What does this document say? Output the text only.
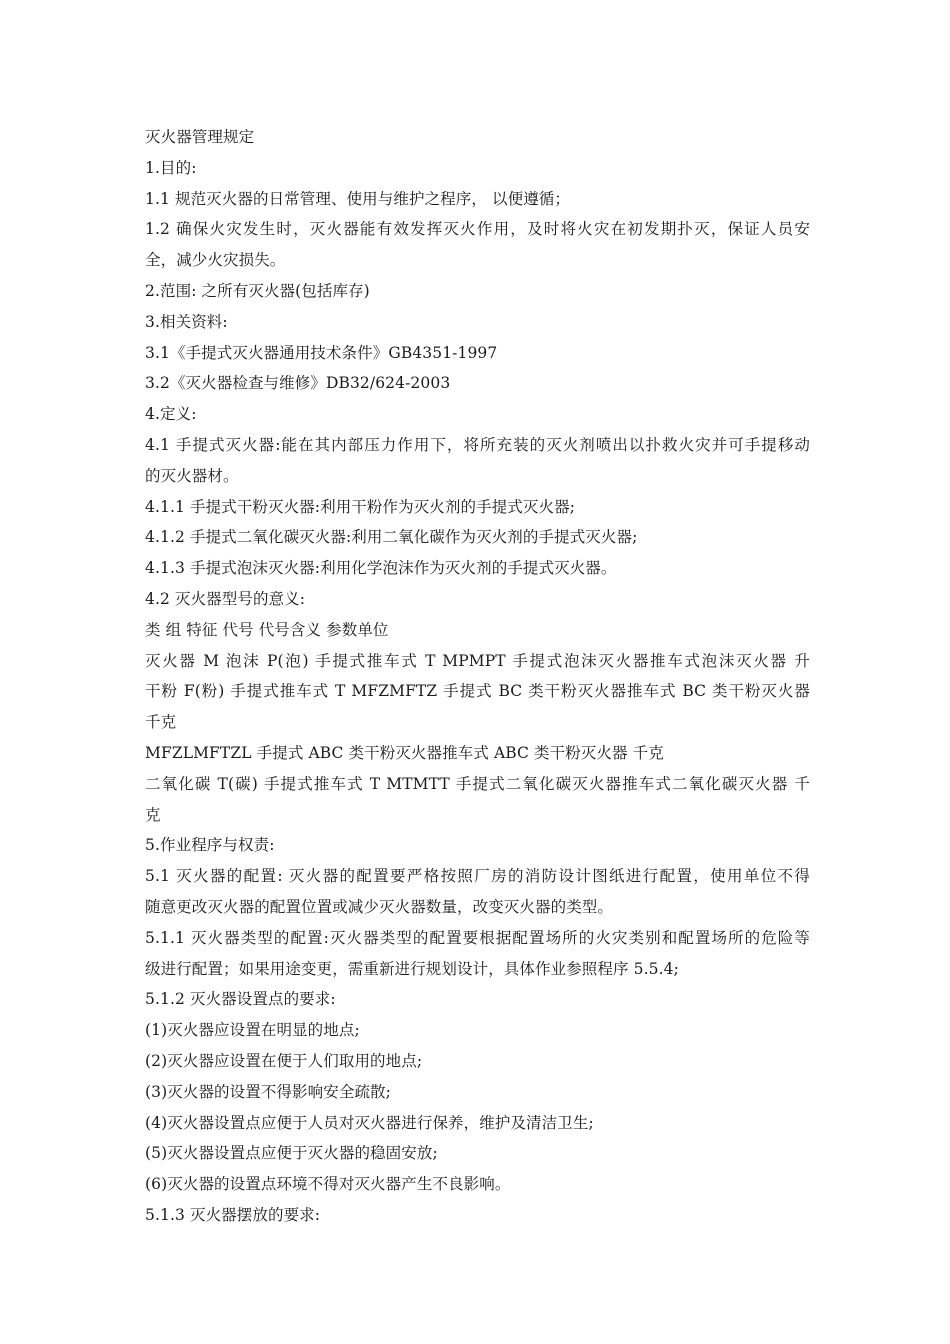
灭火器管理规定
1.目的:
1.1 规范灭火器的日常管理、使用与维护之程序， 以便遵循；
1.2 确保火灾发生时，灭火器能有效发挥灭火作用，及时将火灾在初发期扑灭，保证人员安
全，减少火灾损失。
2.范围: 之所有灭火器(包括库存)
3.相关资料:
3.1《手提式灭火器通用技术条件》GB4351-1997
3.2《灭火器检查与维修》DB32/624-2003
4.定义:
4.1 手提式灭火器:能在其内部压力作用下，将所充装的灭火剂喷出以扑救火灾并可手提移动
的灭火器材。
4.1.1 手提式干粉灭火器:利用干粉作为灭火剂的手提式灭火器;
4.1.2 手提式二氧化碳灭火器:利用二氧化碳作为灭火剂的手提式灭火器;
4.1.3 手提式泡沫灭火器:利用化学泡沫作为灭火剂的手提式灭火器。
4.2 灭火器型号的意义:
类 组 特征 代号 代号含义 参数单位
灭火器 M 泡沫 P(泡) 手提式推车式 T MPMPT 手提式泡沫灭火器推车式泡沫灭火器 升
干粉 F(粉) 手提式推车式 T MFZMFTZ 手提式 BC 类干粉灭火器推车式 BC 类干粉灭火器
千克
MFZLMFTZL 手提式 ABC 类干粉灭火器推车式 ABC 类干粉灭火器 千克
二氧化碳 T(碳) 手提式推车式 T MTMTT 手提式二氧化碳灭火器推车式二氧化碳灭火器 千
克
5.作业程序与权责:
5.1 灭火器的配置: 灭火器的配置要严格按照厂房的消防设计图纸进行配置，使用单位不得
随意更改灭火器的配置位置或减少灭火器数量，改变灭火器的类型。
5.1.1 灭火器类型的配置:灭火器类型的配置要根据配置场所的火灾类别和配置场所的危险等
级进行配置；如果用途变更，需重新进行规划设计，具体作业参照程序 5.5.4;
5.1.2 灭火器设置点的要求:
(1)灭火器应设置在明显的地点;
(2)灭火器应设置在便于人们取用的地点;
(3)灭火器的设置不得影响安全疏散;
(4)灭火器设置点应便于人员对灭火器进行保养，维护及清洁卫生;
(5)灭火器设置点应便于灭火器的稳固安放;
(6)灭火器的设置点环境不得对灭火器产生不良影响。
5.1.3 灭火器摆放的要求:
